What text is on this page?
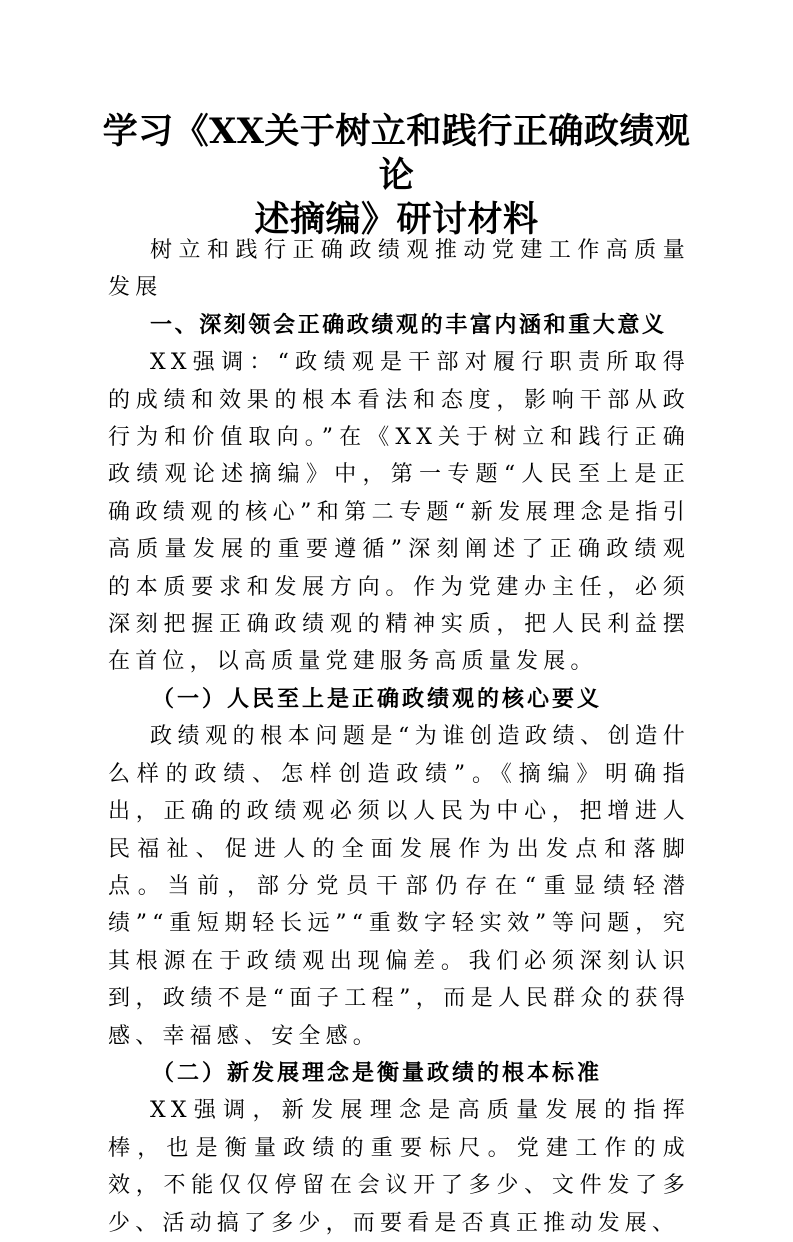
学习《XX关于树立和践行正确政绩观论
述摘编》研讨材料

树立和践行正确政绩观推动党建工作高质量发展

一、深刻领会正确政绩观的丰富内涵和重大意义

XX强调：“政绩观是干部对履行职责所取得的成绩和效果的根本看法和态度，影响干部从政行为和价值取向。”在《XX关于树立和践行正确政绩观论述摘编》中，第一专题“人民至上是正确政绩观的核心”和第二专题“新发展理念是指引高质量发展的重要遵循”深刻阐述了正确政绩观的本质要求和发展方向。作为党建办主任，必须深刻把握正确政绩观的精神实质，把人民利益摆在首位，以高质量党建服务高质量发展。

（一）人民至上是正确政绩观的核心要义

政绩观的根本问题是“为谁创造政绩、创造什么样的政绩、怎样创造政绩”。《摘编》明确指出，正确的政绩观必须以人民为中心，把增进人民福祉、促进人的全面发展作为出发点和落脚点。当前，部分党员干部仍存在“重显绩轻潜绩”“重短期轻长远”“重数字轻实效”等问题，究其根源在于政绩观出现偏差。我们必须深刻认识到，政绩不是“面子工程”，而是人民群众的获得感、幸福感、安全感。

（二）新发展理念是衡量政绩的根本标准

XX强调，新发展理念是高质量发展的指挥棒，也是衡量政绩的重要标尺。党建工作的成效，不能仅仅停留在会议开了多少、文件发了多少、活动搞了多少，而要看是否真正推动发展、
